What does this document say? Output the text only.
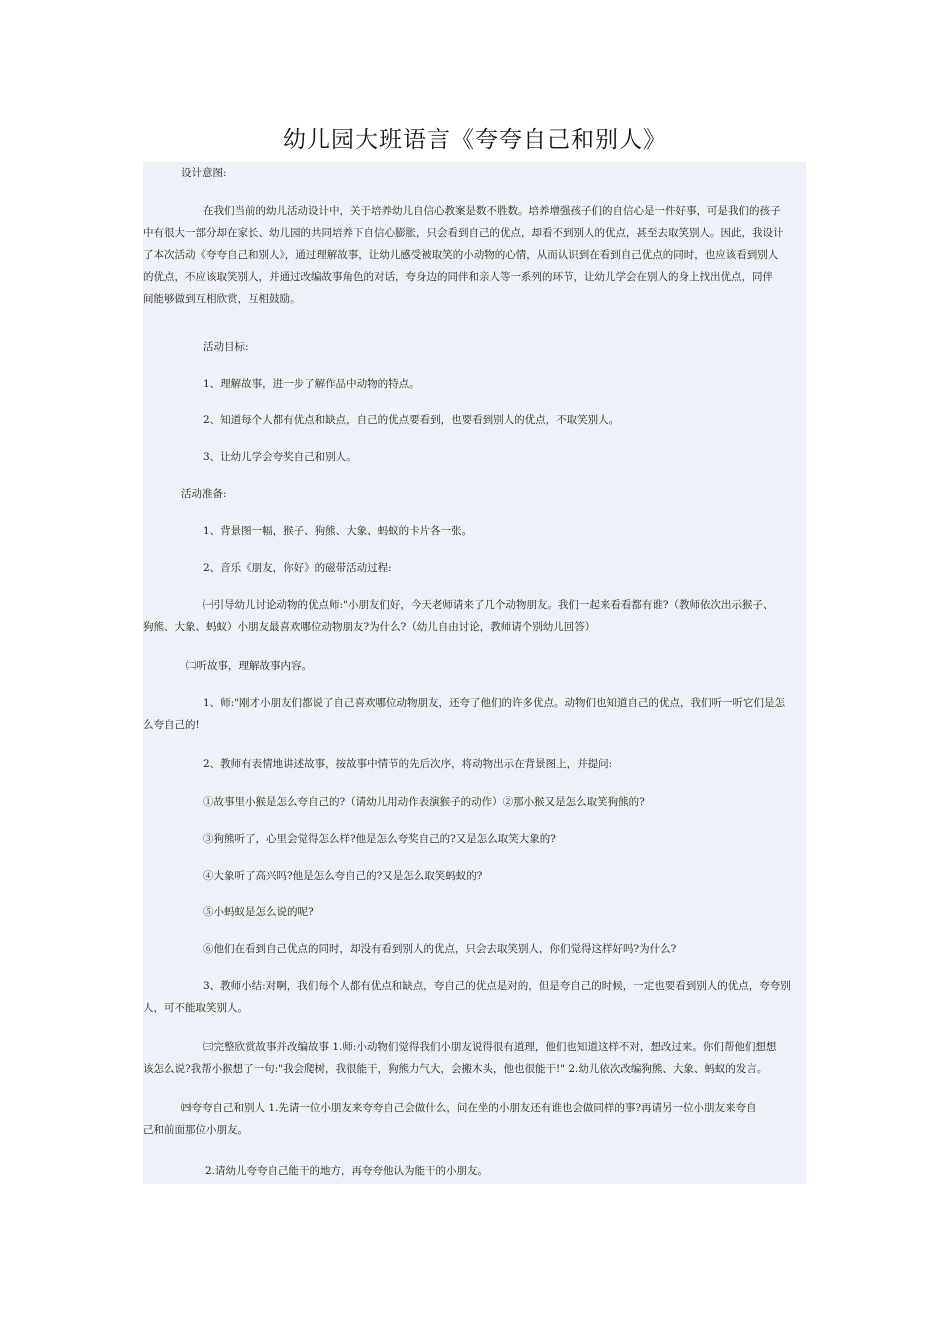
幼儿园大班语言《夸夸自己和别人》
设计意图:
在我们当前的幼儿活动设计中，关于培养幼儿自信心教案是数不胜数。培养增强孩子们的自信心是一件好事，可是我们的孩子
中有很大一部分却在家长、幼儿园的共同培养下自信心膨胀，只会看到自己的优点，却看不到别人的优点，甚至去取笑别人。因此，我设计
了本次活动《夸夸自己和别人》，通过理解故事，让幼儿感受被取笑的小动物的心情，从而认识到在看到自己优点的同时，也应该看到别人
的优点，不应该取笑别人，并通过改编故事角色的对话，夸身边的同伴和亲人等一系列的环节，让幼儿学会在别人的身上找出优点，同伴
间能够做到互相欣赏，互相鼓励。
活动目标:
1、理解故事，进一步了解作品中动物的特点。
2、知道每个人都有优点和缺点，自己的优点要看到，也要看到别人的优点，不取笑别人。
3、让幼儿学会夸奖自己和别人。
活动准备:
1、背景图一幅，猴子、狗熊、大象、蚂蚁的卡片各一张。
2、音乐《朋友，你好》的磁带活动过程:
㈠引导幼儿讨论动物的优点师:"小朋友们好，今天老师请来了几个动物朋友。我们一起来看看都有谁?（教师依次出示猴子、
狗熊、大象、蚂蚁）小朋友最喜欢哪位动物朋友?为什么?（幼儿自由讨论，教师请个别幼儿回答）
㈡听故事，理解故事内容。
1、师:"刚才小朋友们都说了自己喜欢哪位动物朋友，还夸了他们的许多优点。动物们也知道自己的优点，我们听一听它们是怎
么夸自己的!
2、教师有表情地讲述故事，按故事中情节的先后次序，将动物出示在背景图上，并提问:
①故事里小猴是怎么夸自己的?（请幼儿用动作表演猴子的动作）②那小猴又是怎么取笑狗熊的?
③狗熊听了，心里会觉得怎么样?他是怎么夸奖自己的?又是怎么取笑大象的?
④大象听了高兴吗?他是怎么夸自己的?又是怎么取笑蚂蚁的?
⑤小蚂蚁是怎么说的呢?
⑥他们在看到自己优点的同时，却没有看到别人的优点，只会去取笑别人，你们觉得这样好吗?为什么?
3、教师小结:对啊，我们每个人都有优点和缺点，夸自己的优点是对的，但是夸自己的时候，一定也要看到别人的优点，夸夸别
人，可不能取笑别人。
㈢完整欣赏故事并改编故事 1.师:小动物们觉得我们小朋友说得很有道理，他们也知道这样不对，想改过来。你们帮他们想想
该怎么说?我帮小猴想了一句:"我会爬树，我很能干，狗熊力气大，会搬木头，他也很能干!" 2.幼儿依次改编狗熊、大象、蚂蚁的发言。
㈣夸夸自己和别人 1.先请一位小朋友来夸夸自己会做什么，问在坐的小朋友还有谁也会做同样的事?再请另一位小朋友来夸自
己和前面那位小朋友。
2.请幼儿夸夸自己能干的地方，再夸夸他认为能干的小朋友。
